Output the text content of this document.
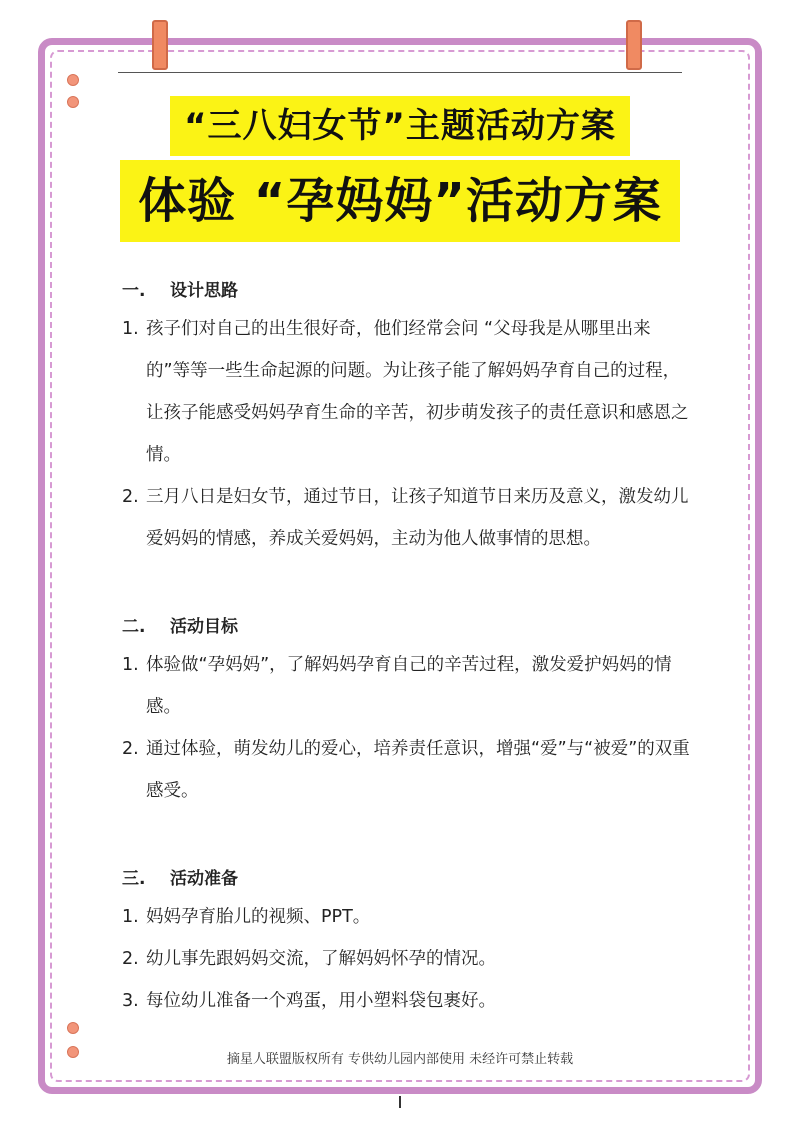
“三八妇女节”主题活动方案
体验 “孕妈妈”活动方案
一. 设计思路
1. 孩子们对自己的出生很好奇，他们经常会问 “父母我是从哪里出来的”等等一些生命起源的问题。为让孩子能了解妈妈孕育自己的过程，让孩子能感受妈妈孕育生命的辛苦，初步萌发孩子的责任意识和感恩之情。
2. 三月八日是妇女节，通过节日，让孩子知道节日来历及意义，激发幼儿爱妈妈的情感，养成关爱妈妈，主动为他人做事情的思想。
二. 活动目标
1. 体验做“孕妈妈”，了解妈妈孕育自己的辛苦过程，激发爱护妈妈的情感。
2. 通过体验，萌发幼儿的爱心，培养责任意识，增强“爱”与“被爱”的双重感受。
三. 活动准备
1. 妈妈孕育胎儿的视频、PPT。
2. 幼儿事先跟妈妈交流，了解妈妈怀孕的情况。
3. 每位幼儿准备一个鸡蛋，用小塑料袋包裹好。
摘星人联盟版权所有 专供幼儿园内部使用 未经许可禁止转载
